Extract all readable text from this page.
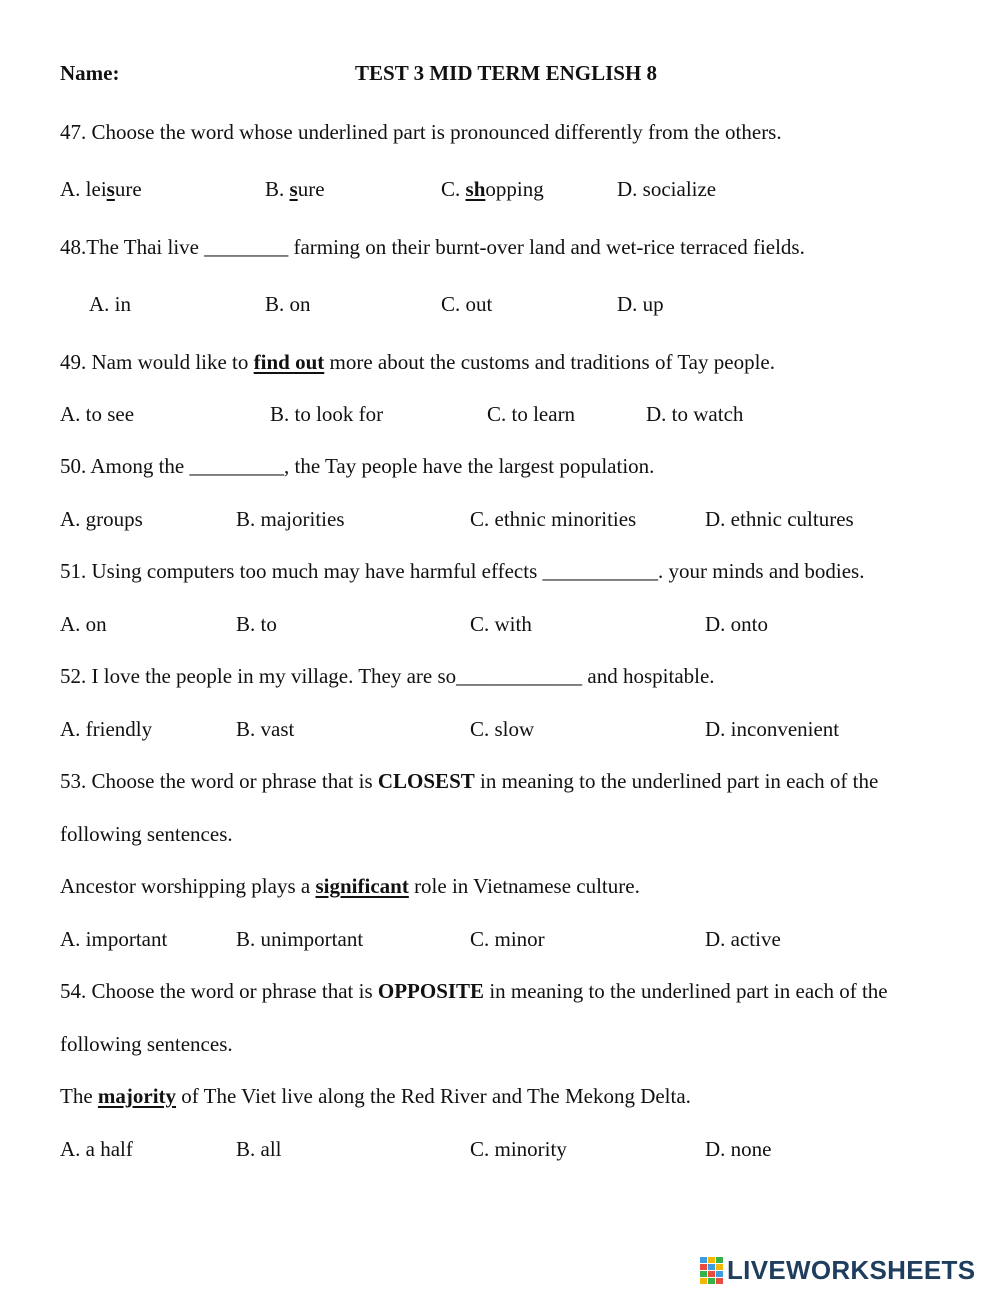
Name:	TEST 3 MID TERM ENGLISH 8
47. Choose the word whose underlined part is pronounced differently from the others.
A. leisure	B. sure	C. shopping	D. socialize
48.The Thai live ________ farming on their burnt-over land and wet-rice terraced fields.
A. in	B. on	C. out	D. up
49. Nam would like to find out more about the customs and traditions of Tay people.
A. to see	B. to look for	C. to learn	D. to watch
50. Among the _________, the Tay people have the largest population.
A. groups	B. majorities	C. ethnic minorities	D. ethnic cultures
51. Using computers too much may have harmful effects ___________. your minds and bodies.
A. on	B. to	C. with	D. onto
52. I love the people in my village. They are so____________ and hospitable.
A. friendly	B. vast	C. slow	D. inconvenient
53. Choose the word or phrase that is CLOSEST in meaning to the underlined part in each of the
following sentences.
Ancestor worshipping plays a significant role in Vietnamese culture.
A. important	B. unimportant	C. minor	D. active
54. Choose the word or phrase that is OPPOSITE in meaning to the underlined part in each of the
following sentences.
The majority of The Viet live along the Red River and The Mekong Delta.
A. a half	B. all	C. minority	D. none
LIVEWORKSHEETS
